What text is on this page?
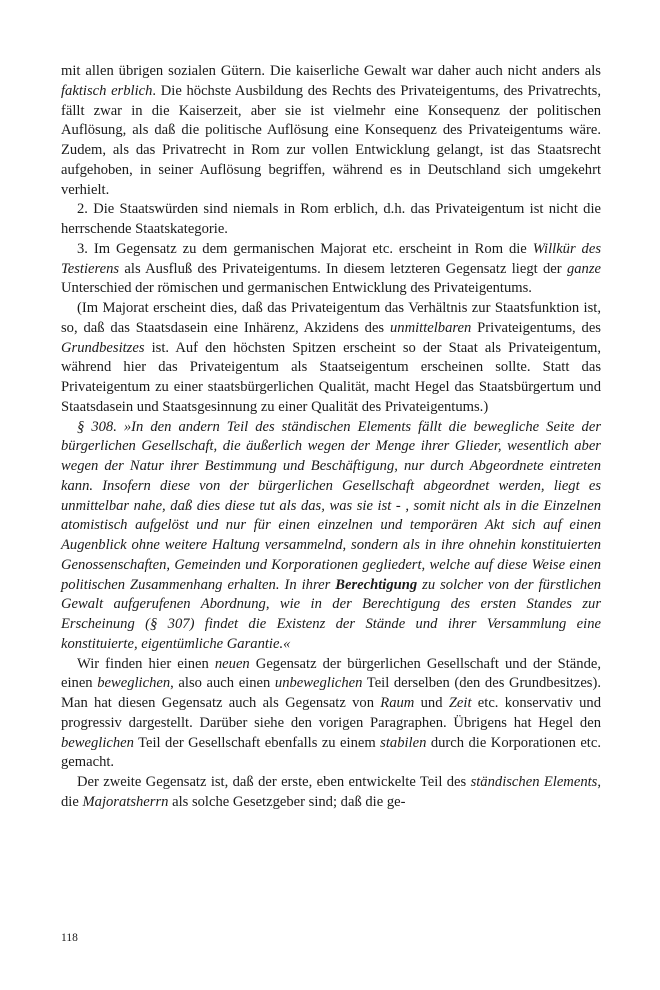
mit allen übrigen sozialen Gütern. Die kaiserliche Gewalt war daher auch nicht anders als faktisch erblich. Die höchste Ausbildung des Rechts des Privateigentums, des Privatrechts, fällt zwar in die Kaiserzeit, aber sie ist vielmehr eine Konsequenz der politischen Auflösung, als daß die politische Auflösung eine Konsequenz des Privateigentums wäre. Zudem, als das Privatrecht in Rom zur vollen Entwicklung gelangt, ist das Staatsrecht aufgehoben, in seiner Auflösung begriffen, während es in Deutschland sich umgekehrt verhielt.

2. Die Staatswürden sind niemals in Rom erblich, d.h. das Privateigentum ist nicht die herrschende Staatskategorie.

3. Im Gegensatz zu dem germanischen Majorat etc. erscheint in Rom die Willkür des Testierens als Ausfluß des Privateigentums. In diesem letzteren Gegensatz liegt der ganze Unterschied der römischen und germanischen Entwicklung des Privateigentums.

(Im Majorat erscheint dies, daß das Privateigentum das Verhältnis zur Staatsfunktion ist, so, daß das Staatsdasein eine Inhärenz, Akzidens des unmittelbaren Privateigentums, des Grundbesitzes ist. Auf den höchsten Spitzen erscheint so der Staat als Privateigentum, während hier das Privateigentum als Staatseigentum erscheinen sollte. Statt das Privateigentum zu einer staatsbürgerlichen Qualität, macht Hegel das Staatsbürgertum und Staatsdasein und Staatsgesinnung zu einer Qualität des Privateigentums.)

§ 308. »In den andern Teil des ständischen Elements fällt die bewegliche Seite der bürgerlichen Gesellschaft, die äußerlich wegen der Menge ihrer Glieder, wesentlich aber wegen der Natur ihrer Bestimmung und Beschäftigung, nur durch Abgeordnete eintreten kann. Insofern diese von der bürgerlichen Gesellschaft abgeordnet werden, liegt es unmittelbar nahe, daß dies diese tut als das, was sie ist - , somit nicht als in die Einzelnen atomistisch aufgelöst und nur für einen einzelnen und temporären Akt sich auf einen Augenblick ohne weitere Haltung versammelnd, sondern als in ihre ohnehin konstituierten Genossenschaften, Gemeinden und Korporationen gegliedert, welche auf diese Weise einen politischen Zusammenhang erhalten. In ihrer Berechtigung zu solcher von der fürstlichen Gewalt aufgerufenen Abordnung, wie in der Berechtigung des ersten Standes zur Erscheinung (§ 307) findet die Existenz der Stände und ihrer Versammlung eine konstituierte, eigentümliche Garantie.«

Wir finden hier einen neuen Gegensatz der bürgerlichen Gesellschaft und der Stände, einen beweglichen, also auch einen unbeweglichen Teil derselben (den des Grundbesitzes). Man hat diesen Gegensatz auch als Gegensatz von Raum und Zeit etc. konservativ und progressiv dargestellt. Darüber siehe den vorigen Paragraphen. Übrigens hat Hegel den beweglichen Teil der Gesellschaft ebenfalls zu einem stabilen durch die Korporationen etc. gemacht.

Der zweite Gegensatz ist, daß der erste, eben entwickelte Teil des ständischen Elements, die Majoratsherrn als solche Gesetzgeber sind; daß die ge-

118
